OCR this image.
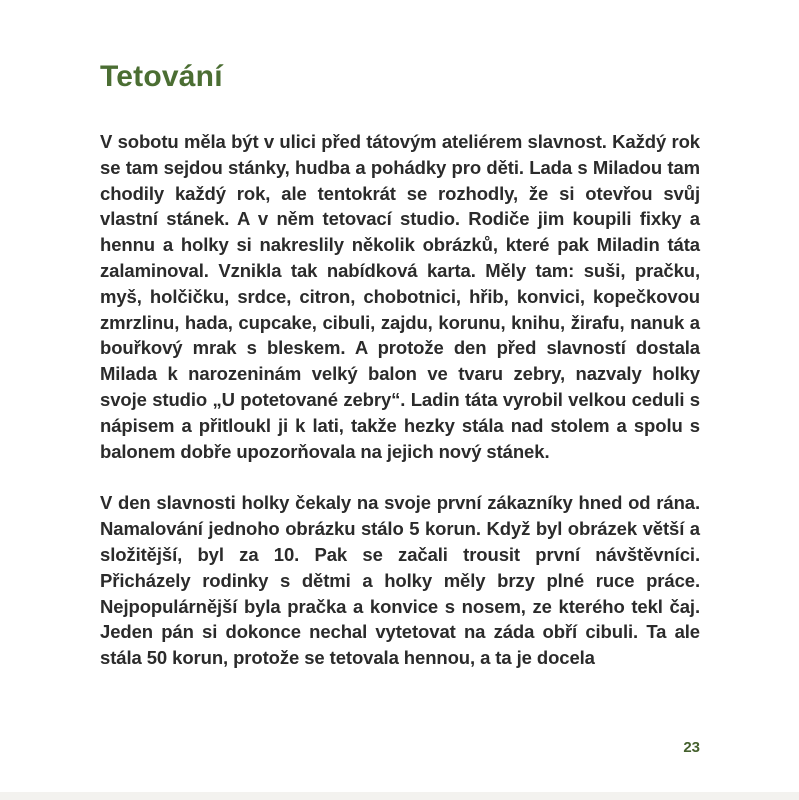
Tetování

V sobotu měla být v ulici před tátovým ateliérem slavnost. Každý rok se tam sejdou stánky, hudba a pohádky pro děti. Lada s Miladou tam chodily každý rok, ale tentokrát se rozhodly, že si otevřou svůj vlastní stánek. A v něm tetovací studio. Rodiče jim koupili fixky a hennu a holky si nakreslily několik obrázků, které pak Miladin táta zalaminoval. Vznikla tak nabídková karta. Měly tam: suši, pračku, myš, holčičku, srdce, citron, chobotnici, hřib, konvici, kopečkovou zmrzlinu, hada, cupcake, cibuli, zajdu, korunu, knihu, žirafu, nanuk a bouřkový mrak s bleskem. A protože den před slavností dostala Milada k narozeninám velký balon ve tvaru zebry, nazvaly holky svoje studio „U potetované zebry“. Ladin táta vyrobil velkou ceduli s nápisem a přitloukl ji k lati, takže hezky stála nad stolem a spolu s balonem dobře upozorňovala na jejich nový stánek.

V den slavnosti holky čekaly na svoje první zákazníky hned od rána. Namalování jednoho obrázku stálo 5 korun. Když byl obrázek větší a složitější, byl za 10. Pak se začali trousit první návštěvníci. Přicházely rodinky s dětmi a holky měly brzy plné ruce práce. Nejpopulárnější byla pračka a konvice s nosem, ze kterého tekl čaj. Jeden pán si dokonce nechal vytetovat na záda obří cibuli. Ta ale stála 50 korun, protože se tetovala hennou, a ta je docela

23
